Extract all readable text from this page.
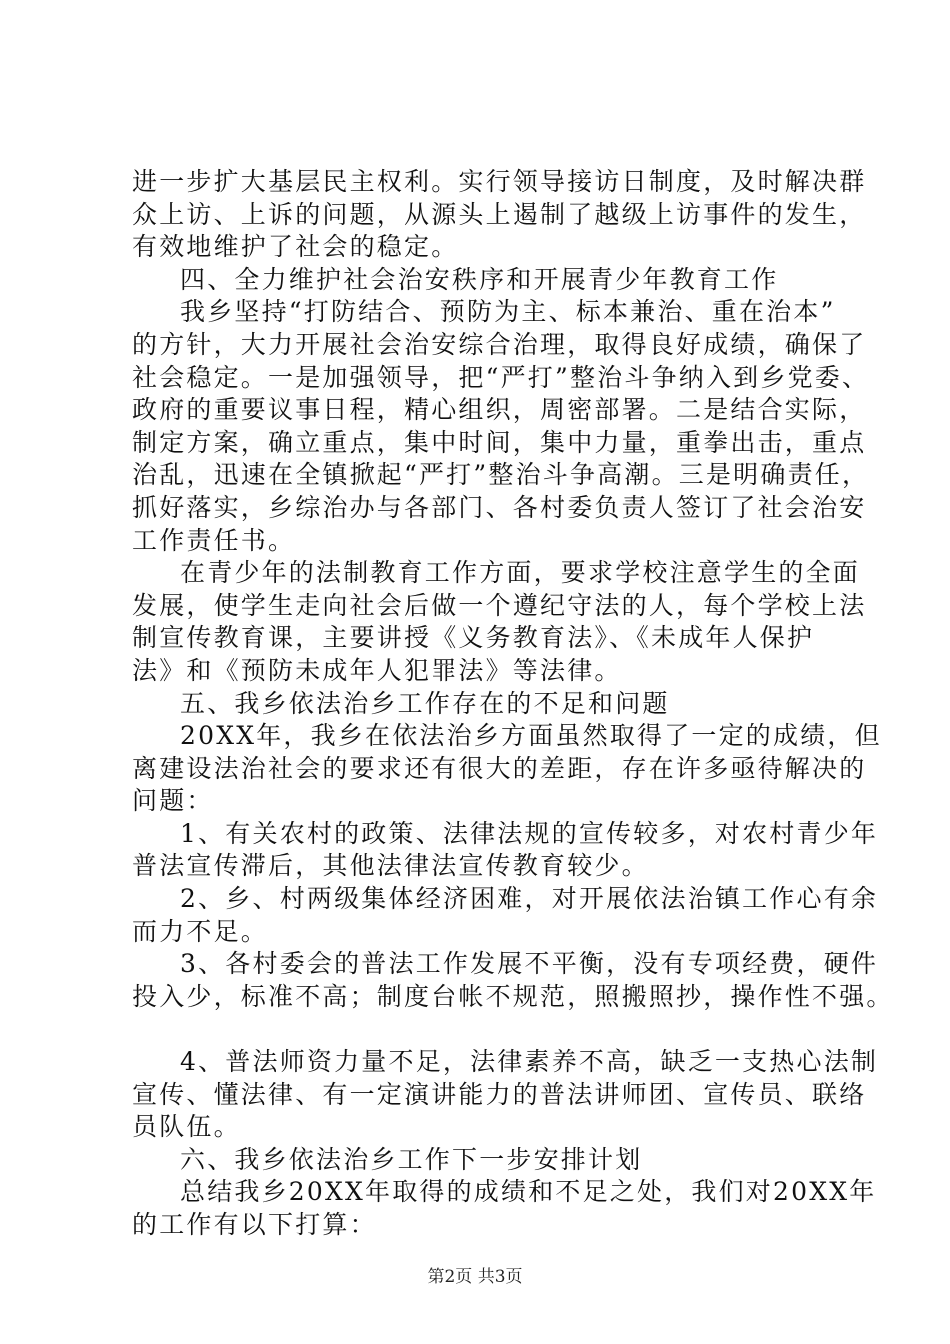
进一步扩大基层民主权利。实行领导接访日制度，及时解决群
众上访、上诉的问题，从源头上遏制了越级上访事件的发生，
有效地维护了社会的稳定。
四、全力维护社会治安秩序和开展青少年教育工作
我乡坚持“打防结合、预防为主、标本兼治、重在治本”
的方针，大力开展社会治安综合治理，取得良好成绩，确保了
社会稳定。一是加强领导，把“严打”整治斗争纳入到乡党委、
政府的重要议事日程，精心组织，周密部署。二是结合实际，
制定方案，确立重点，集中时间，集中力量，重拳出击，重点
治乱，迅速在全镇掀起“严打”整治斗争高潮。三是明确责任，
抓好落实，乡综治办与各部门、各村委负责人签订了社会治安
工作责任书。
在青少年的法制教育工作方面，要求学校注意学生的全面
发展，使学生走向社会后做一个遵纪守法的人，每个学校上法
制宣传教育课，主要讲授《义务教育法》、《未成年人保护
法》和《预防未成年人犯罪法》等法律。
五、我乡依法治乡工作存在的不足和问题
20XX年，我乡在依法治乡方面虽然取得了一定的成绩，但
离建设法治社会的要求还有很大的差距，存在许多亟待解决的
问题：
1、有关农村的政策、法律法规的宣传较多，对农村青少年
普法宣传滞后，其他法律法宣传教育较少。
2、乡、村两级集体经济困难，对开展依法治镇工作心有余
而力不足。
3、各村委会的普法工作发展不平衡，没有专项经费，硬件
投入少，标准不高；制度台帐不规范，照搬照抄，操作性不强。
4、普法师资力量不足，法律素养不高，缺乏一支热心法制
宣传、懂法律、有一定演讲能力的普法讲师团、宣传员、联络
员队伍。
六、我乡依法治乡工作下一步安排计划
总结我乡20XX年取得的成绩和不足之处，我们对20XX年
的工作有以下打算：
第2页 共3页
